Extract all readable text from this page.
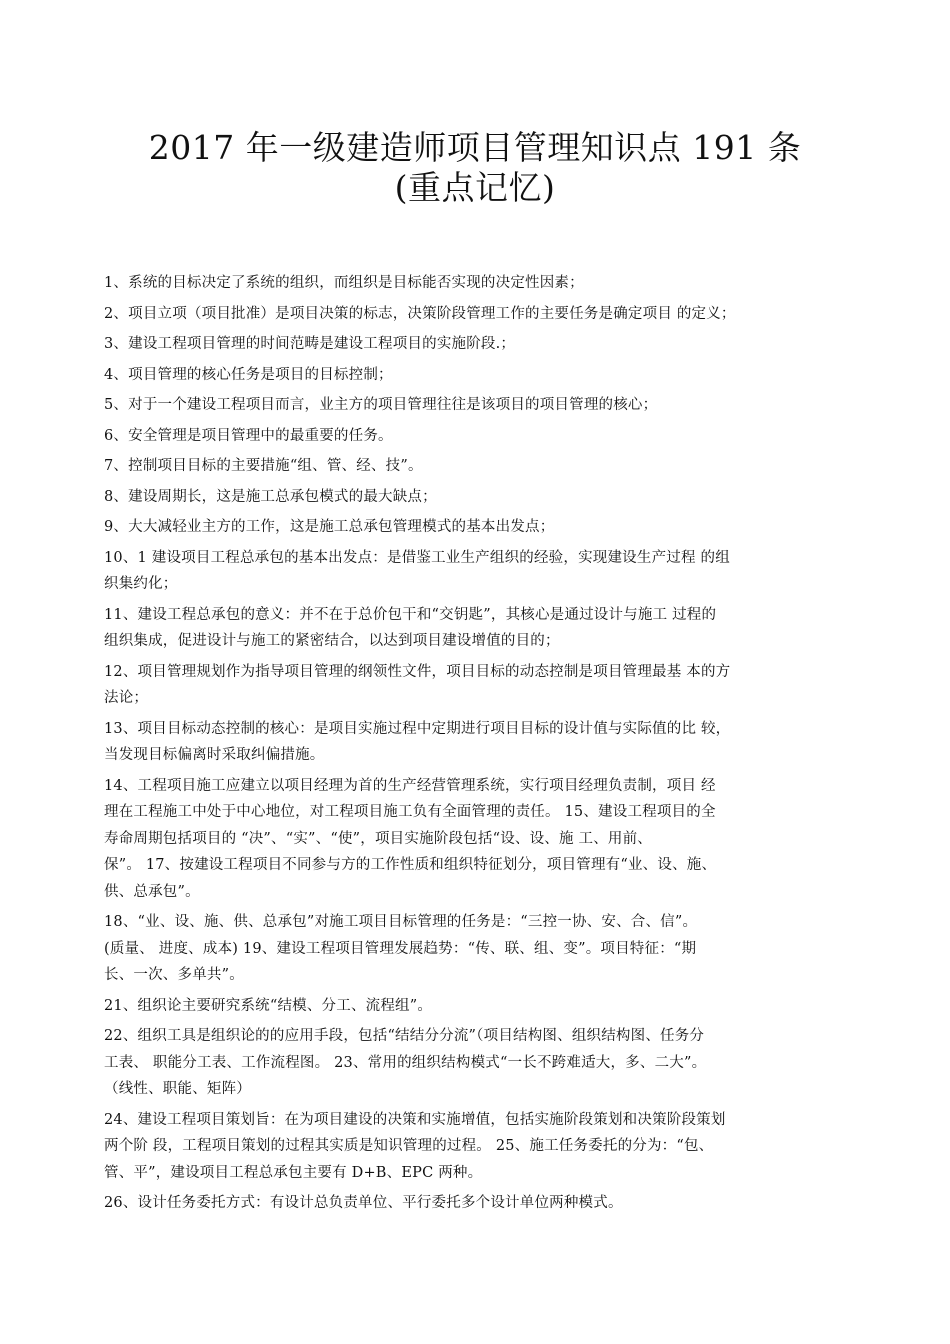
2017 年一级建造师项目管理知识点 191 条
(重点记忆)

1、系统的目标决定了系统的组织，而组织是目标能否实现的决定性因素；

2、项目立项（项目批准）是项目决策的标志，决策阶段管理工作的主要任务是确定项目 的定义；

3、建设工程项目管理的时间范畴是建设工程项目的实施阶段.；

4、项目管理的核心任务是项目的目标控制；

5、对于一个建设工程项目而言，业主方的项目管理往往是该项目的项目管理的核心；

6、安全管理是项目管理中的最重要的任务。

7、控制项目目标的主要措施“组、管、经、技”。

8、建设周期长，这是施工总承包模式的最大缺点；

9、大大减轻业主方的工作，这是施工总承包管理模式的基本出发点；

10、1 建设项目工程总承包的基本出发点：是借鉴工业生产组织的经验，实现建设生产过程 的组

织集约化；

11、建设工程总承包的意义：并不在于总价包干和“交钥匙”，其核心是通过设计与施工 过程的

组织集成，促进设计与施工的紧密结合，以达到项目建设增值的目的；

12、项目管理规划作为指导项目管理的纲领性文件，项目目标的动态控制是项目管理最基 本的方

法论；

13、项目目标动态控制的核心：是项目实施过程中定期进行项目目标的设计值与实际值的比 较，

当发现目标偏离时采取纠偏措施。

14、工程项目施工应建立以项目经理为首的生产经营管理系统，实行项目经理负责制，项目 经

理在工程施工中处于中心地位，对工程项目施工负有全面管理的责任。 15、建设工程项目的全

寿命周期包括项目的 “决”、“实”、“使”，项目实施阶段包括“设、设、施 工、用前、

保”。 17、按建设工程项目不同参与方的工作性质和组织特征划分，项目管理有“业、设、施、

供、总承包”。

18、“业、设、施、供、总承包”对施工项目目标管理的任务是：“三控一协、安、合、信”。

(质量、 进度、成本) 19、建设工程项目管理发展趋势：“传、联、组、变”。项目特征：“期

长、一次、多单共”。

21、组织论主要研究系统“结模、分工、流程组”。

22、组织工具是组织论的的应用手段，包括“结结分分流”（项目结构图、组织结构图、任务分

工表、 职能分工表、工作流程图。 23、常用的组织结构模式“一长不跨难适大，多、二大”。

（线性、职能、矩阵）

24、建设工程项目策划旨：在为项目建设的决策和实施增值，包括实施阶段策划和决策阶段策划

两个阶 段，工程项目策划的过程其实质是知识管理的过程。 25、施工任务委托的分为：“包、

管、平”，建设项目工程总承包主要有 D+B、EPC 两种。

26、设计任务委托方式：有设计总负责单位、平行委托多个设计单位两种模式。
